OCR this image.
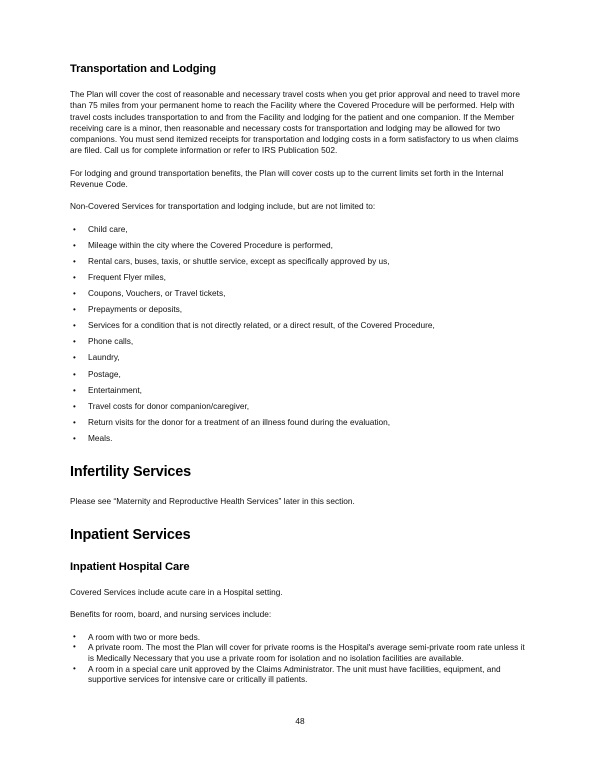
Transportation and Lodging

The Plan will cover the cost of reasonable and necessary travel costs when you get prior approval and need to travel more than 75 miles from your permanent home to reach the Facility where the Covered Procedure will be performed. Help with travel costs includes transportation to and from the Facility and lodging for the patient and one companion. If the Member receiving care is a minor, then reasonable and necessary costs for transportation and lodging may be allowed for two companions. You must send itemized receipts for transportation and lodging costs in a form satisfactory to us when claims are filed. Call us for complete information or refer to IRS Publication 502.

For lodging and ground transportation benefits, the Plan will cover costs up to the current limits set forth in the Internal Revenue Code.

Non-Covered Services for transportation and lodging include, but are not limited to:

• Child care,
• Mileage within the city where the Covered Procedure is performed,
• Rental cars, buses, taxis, or shuttle service, except as specifically approved by us,
• Frequent Flyer miles,
• Coupons, Vouchers, or Travel tickets,
• Prepayments or deposits,
• Services for a condition that is not directly related, or a direct result, of the Covered Procedure,
• Phone calls,
• Laundry,
• Postage,
• Entertainment,
• Travel costs for donor companion/caregiver,
• Return visits for the donor for a treatment of an illness found during the evaluation,
• Meals.
Infertility Services

Please see “Maternity and Reproductive Health Services” later in this section.

Inpatient Services
Inpatient Hospital Care

Covered Services include acute care in a Hospital setting.

Benefits for room, board, and nursing services include:

• A room with two or more beds.
• A private room. The most the Plan will cover for private rooms is the Hospital's average semi-private room rate unless it is Medically Necessary that you use a private room for isolation and no isolation facilities are available.
• A room in a special care unit approved by the Claims Administrator. The unit must have facilities, equipment, and supportive services for intensive care or critically ill patients.
48
